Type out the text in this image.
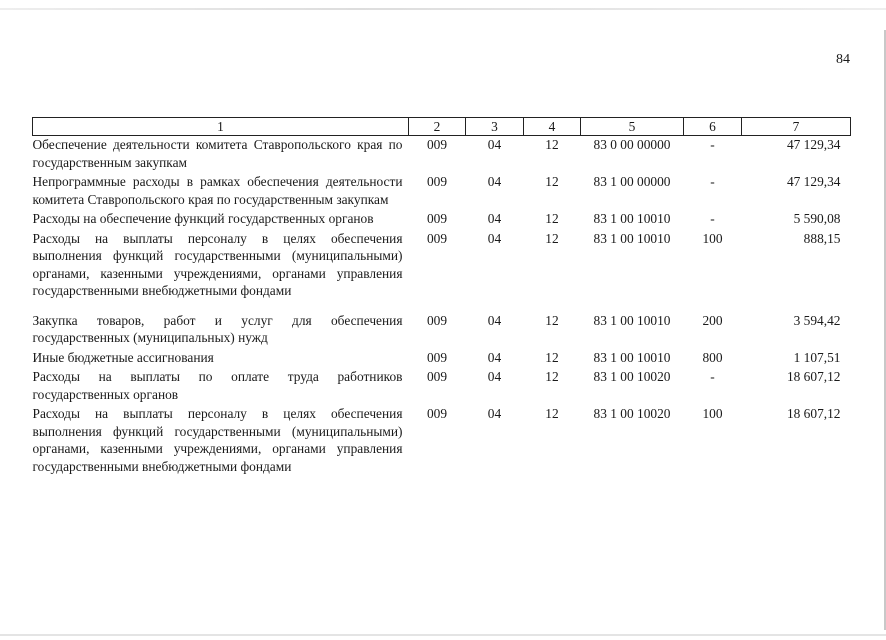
84
1	2	3	4	5	6	7
Обеспечение деятельности комитета Ставропольского края по государственным закупкам	009	04	12	83 0 00 00000	-	47 129,34
Непрограммные расходы в рамках обеспечения деятельности комитета Ставропольского края по государственным закупкам	009	04	12	83 1 00 00000	-	47 129,34
Расходы на обеспечение функций государственных органов	009	04	12	83 1 00 10010	-	5 590,08
Расходы на выплаты персоналу в целях обеспечения выполнения функций государственными (муниципальными) органами, казенными учреждениями, органами управления государственными внебюджетными фондами	009	04	12	83 1 00 10010	100	888,15
Закупка товаров, работ и услуг для обеспечения государственных (муниципальных) нужд	009	04	12	83 1 00 10010	200	3 594,42
Иные бюджетные ассигнования	009	04	12	83 1 00 10010	800	1 107,51
Расходы на выплаты по оплате труда работников государственных органов	009	04	12	83 1 00 10020	-	18 607,12
Расходы на выплаты персоналу в целях обеспечения выполнения функций государственными (муниципальными) органами, казенными учреждениями, органами управления государственными внебюджетными фондами	009	04	12	83 1 00 10020	100	18 607,12
